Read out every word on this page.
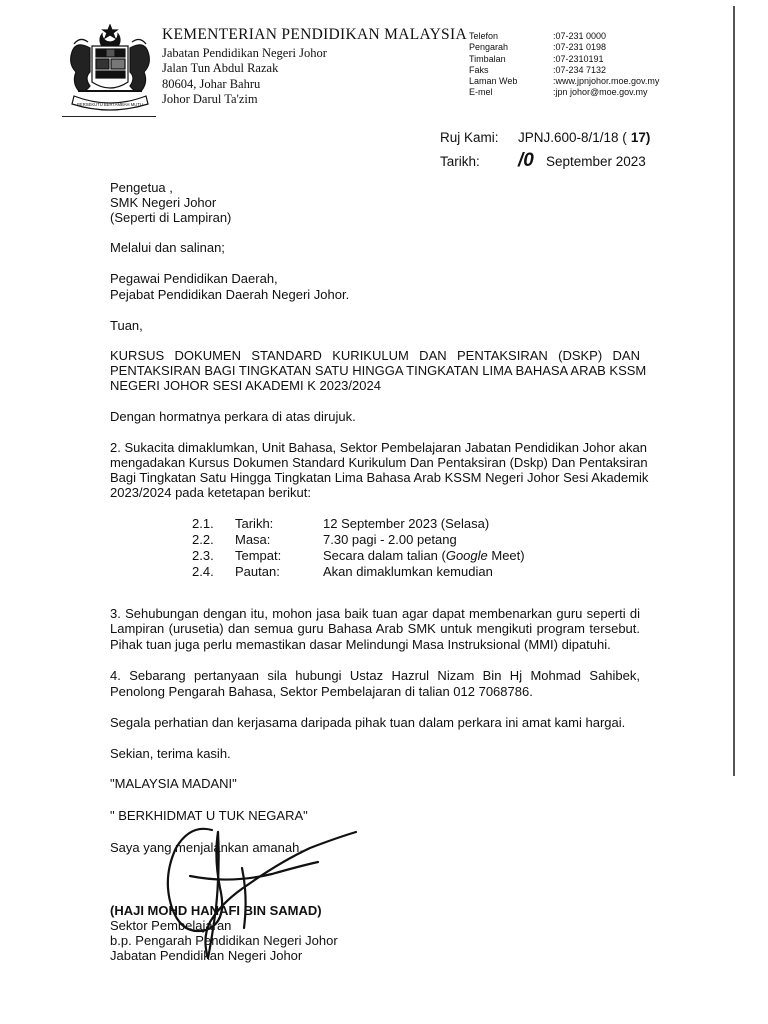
BERSEKUTU BERTAMBAH MUTU
KEMENTERIAN PENDIDIKAN MALAYSIA
Jabatan Pendidikan Negeri Johor
Jalan Tun Abdul Razak
80604, Johar Bahru
Johor Darul Ta'zim
Telefon	:07-231 0000
Pengarah	:07-231 0198
Timbalan	:07-2310191
Faks	:07-234 7132
Laman Web	:www.jpnjohor.moe.gov.my
E-mel	:jpn johor@moe.gov.my
Ruj Kami:	JPNJ.600-8/1/18 ( 17)
Tarikh:	/0 September 2023
Pengetua ,
SMK Negeri Johor
(Seperti di Lampiran)
Melalui dan salinan;
Pegawai Pendidikan Daerah,
Pejabat Pendidikan Daerah Negeri Johor.
Tuan,
KURSUS DOKUMEN STANDARD KURIKULUM DAN PENTAKSIRAN (DSKP) DAN
PENTAKSIRAN BAGI TINGKATAN SATU HINGGA TINGKATAN LIMA BAHASA ARAB KSSM
NEGERI JOHOR SESI AKADEMI K 2023/2024
Dengan hormatnya perkara di atas dirujuk.
2. Sukacita dimaklumkan, Unit Bahasa, Sektor Pembelajaran Jabatan Pendidikan Johor akan
mengadakan Kursus Dokumen Standard Kurikulum Dan Pentaksiran (Dskp) Dan Pentaksiran
Bagi Tingkatan Satu Hingga Tingkatan Lima Bahasa Arab KSSM Negeri Johor Sesi Akademik
2023/2024 pada ketetapan berikut:
2.1.	Tarikh:	12 September 2023 (Selasa)
2.2.	Masa:	7.30 pagi - 2.00 petang
2.3.	Tempat:	Secara dalam talian (Google Meet)
2.4.	Pautan:	Akan dimaklumkan kemudian
3. Sehubungan dengan itu, mohon jasa baik tuan agar dapat membenarkan guru seperti di
Lampiran (urusetia) dan semua guru Bahasa Arab SMK untuk mengikuti program tersebut.
Pihak tuan juga perlu memastikan dasar Melindungi Masa Instruksional (MMI) dipatuhi.
4. Sebarang pertanyaan sila hubungi Ustaz Hazrul Nizam Bin Hj Mohmad Sahibek,
Penolong Pengarah Bahasa, Sektor Pembelajaran di talian 012 7068786.
Segala perhatian dan kerjasama daripada pihak tuan dalam perkara ini amat kami hargai.
Sekian, terima kasih.
"MALAYSIA MADANI"
" BERKHIDMAT U TUK NEGARA"
Saya yang menjalankan amanah,
(HAJI MOHD HANAFI BIN SAMAD)
Sektor Pembelajaran
b.p. Pengarah Pendidikan Negeri Johor
Jabatan Pendidikan Negeri Johor
